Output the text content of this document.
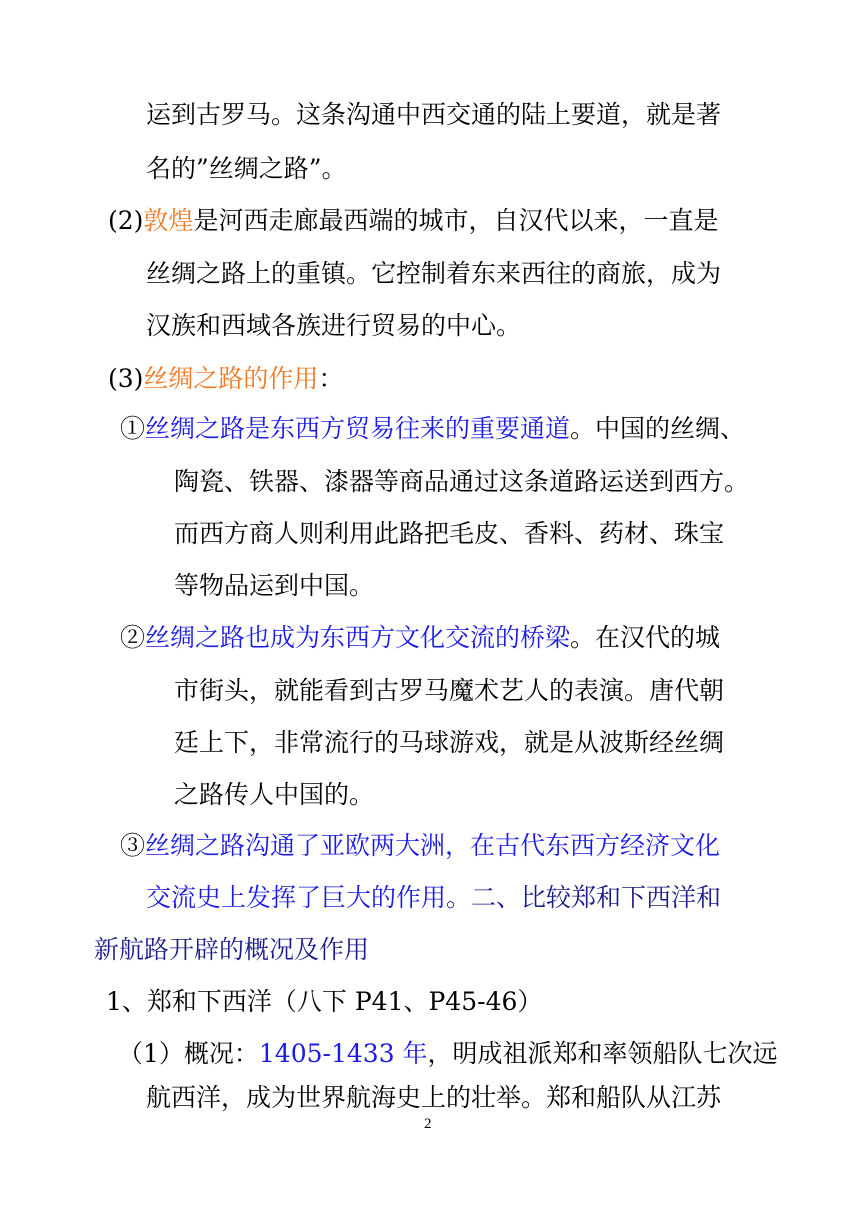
运到古罗马。这条沟通中西交通的陆上要道，就是著
名的”丝绸之路”。
(2)敦煌是河西走廊最西端的城市，自汉代以来，一直是
丝绸之路上的重镇。它控制着东来西往的商旅，成为
汉族和西域各族进行贸易的中心。
(3)丝绸之路的作用：
①丝绸之路是东西方贸易往来的重要通道。中国的丝绸、
陶瓷、铁器、漆器等商品通过这条道路运送到西方。
而西方商人则利用此路把毛皮、香料、药材、珠宝
等物品运到中国。
②丝绸之路也成为东西方文化交流的桥梁。在汉代的城
市街头，就能看到古罗马魔术艺人的表演。唐代朝
廷上下，非常流行的马球游戏，就是从波斯经丝绸
之路传人中国的。
③丝绸之路沟通了亚欧两大洲，在古代东西方经济文化
交流史上发挥了巨大的作用。二、比较郑和下西洋和
新航路开辟的概况及作用
1、郑和下西洋（八下 P41、P45-46）
（1）概况：1405-1433 年，明成祖派郑和率领船队七次远
航西洋，成为世界航海史上的壮举。郑和船队从江苏
2
